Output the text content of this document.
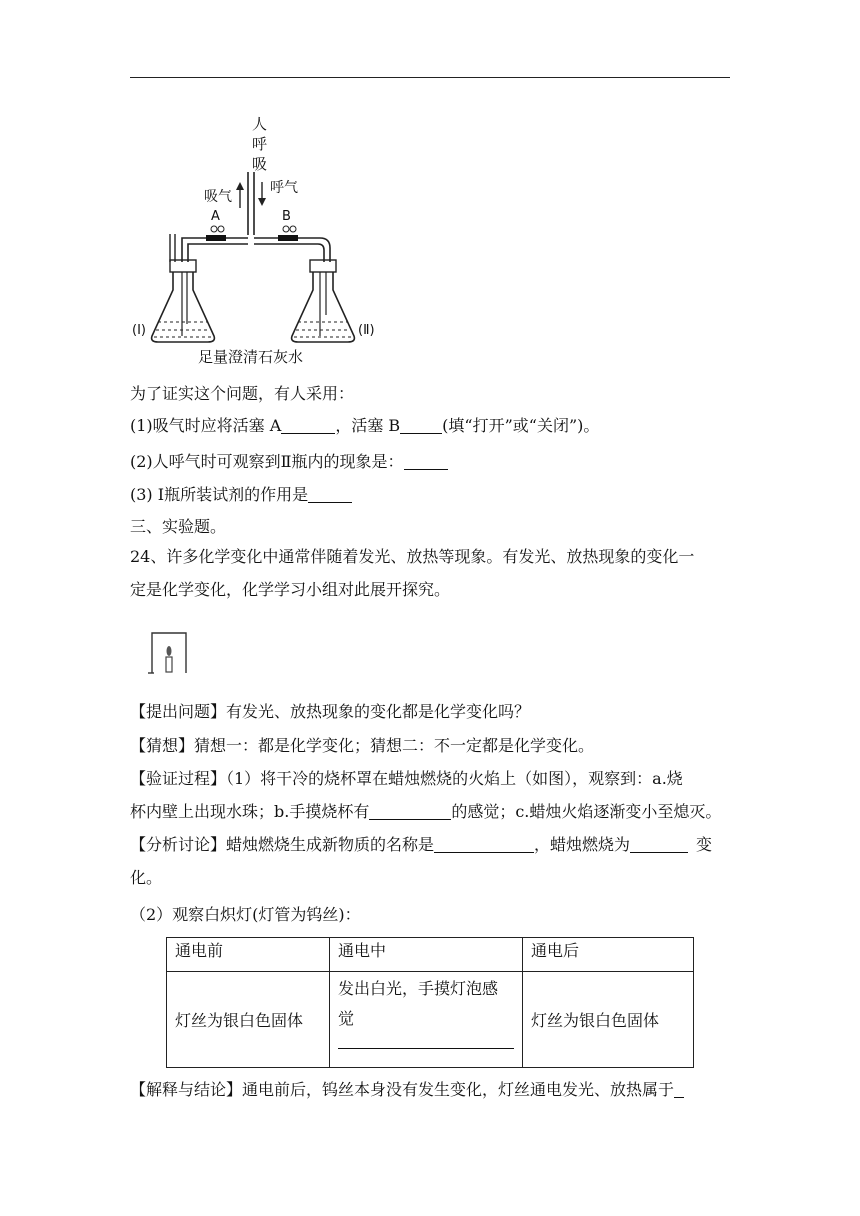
人
呼
吸
吸气
呼气
A	B
(I)	(Ⅱ)
足量澄清石灰水
为了证实这个问题，有人采用：
(1)吸气时应将活塞 A	，活塞 B	(填“打开”或“关闭”)。
(2)人呼气时可观察到Ⅱ瓶内的现象是：
(3) Ⅰ瓶所装试剂的作用是
三、实验题。
24、许多化学变化中通常伴随着发光、放热等现象。有发光、放热现象的变化一
定是化学变化，化学学习小组对此展开探究。
【提出问题】有发光、放热现象的变化都是化学变化吗？
【猜想】猜想一：都是化学变化；猜想二：不一定都是化学变化。
【验证过程】（1）将干冷的烧杯罩在蜡烛燃烧的火焰上（如图），观察到：a.烧
杯内壁上出现水珠；b.手摸烧杯有	的感觉；c.蜡烛火焰逐渐变小至熄灭。
【分析讨论】蜡烛燃烧生成新物质的名称是	，蜡烛燃烧为	变
化。
（2）观察白炽灯(灯管为钨丝)：
通电前	通电中	通电后
灯丝为银白色固体	发出白光，手摸灯泡感
觉	灯丝为银白色固体
【解释与结论】通电前后，钨丝本身没有发生变化，灯丝通电发光、放热属于
